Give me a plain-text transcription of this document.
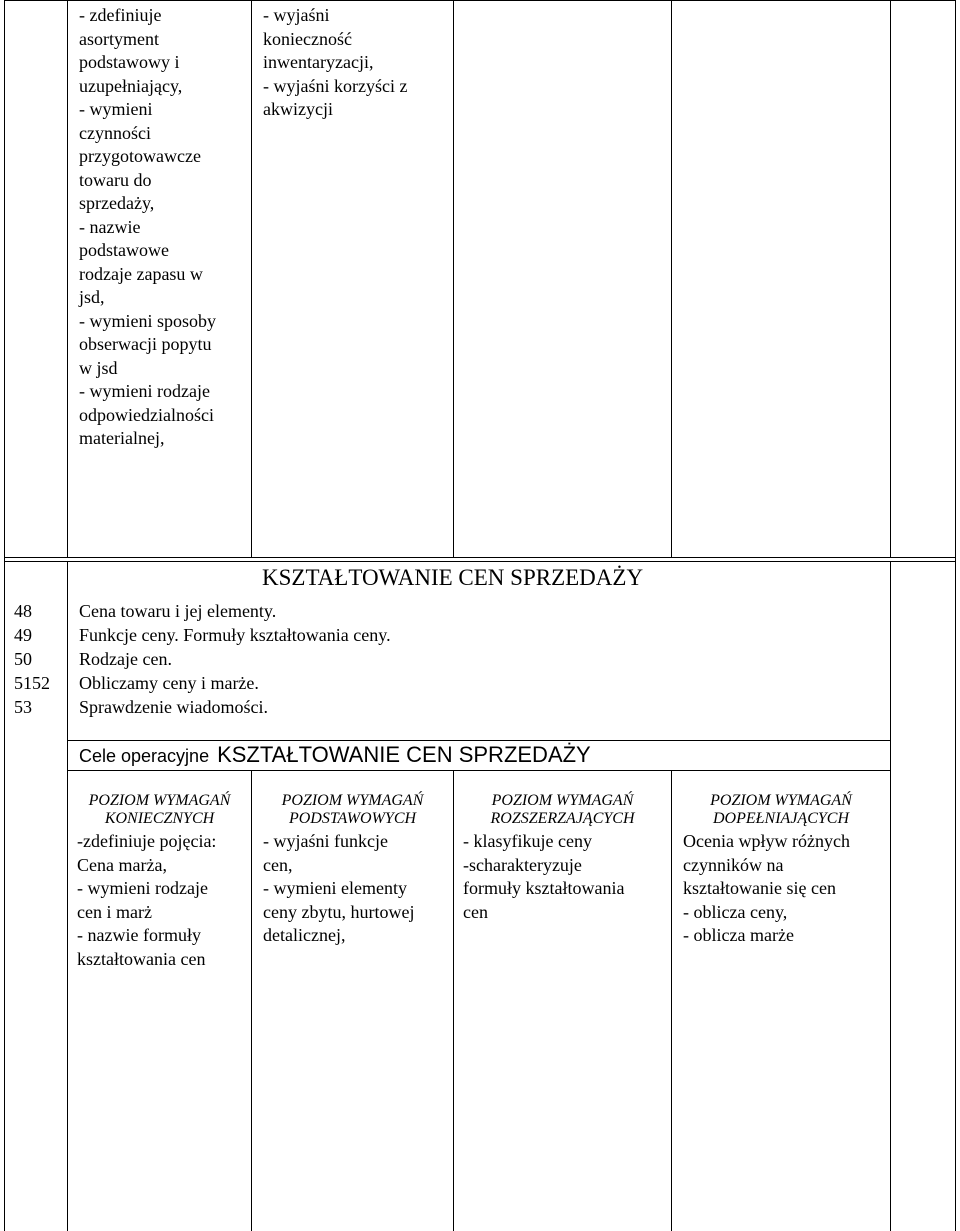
- zdefiniuje
asortyment
podstawowy i
uzupełniający,
- wymieni
czynności
przygotowawcze
towaru do
sprzedaży,
- nazwie
podstawowe
rodzaje zapasu w
jsd,
- wymieni sposoby
obserwacji popytu
w jsd
- wymieni rodzaje
odpowiedzialności
materialnej,
- wyjaśni
konieczność
inwentaryzacji,
- wyjaśni korzyści z
akwizycji
KSZTAŁTOWANIE CEN SPRZEDAŻY
48
49
50
5152
53
Cena towaru i jej elementy.
Funkcje ceny. Formuły kształtowania ceny.
Rodzaje cen.
Obliczamy ceny i marże.
Sprawdzenie wiadomości.
Cele operacyjne KSZTAŁTOWANIE CEN SPRZEDAŻY
POZIOM WYMAGAŃ
KONIECZNYCH
-zdefiniuje pojęcia:
Cena marża,
- wymieni rodzaje
cen i marż
- nazwie formuły
kształtowania cen
POZIOM WYMAGAŃ
PODSTAWOWYCH
- wyjaśni funkcje
cen,
- wymieni elementy
ceny zbytu, hurtowej
detalicznej,
POZIOM WYMAGAŃ
ROZSZERZAJĄCYCH
- klasyfikuje ceny
-scharakteryzuje
formuły kształtowania
cen
POZIOM WYMAGAŃ
DOPEŁNIAJĄCYCH
Ocenia wpływ różnych
czynników na
kształtowanie się cen
- oblicza ceny,
- oblicza marże
